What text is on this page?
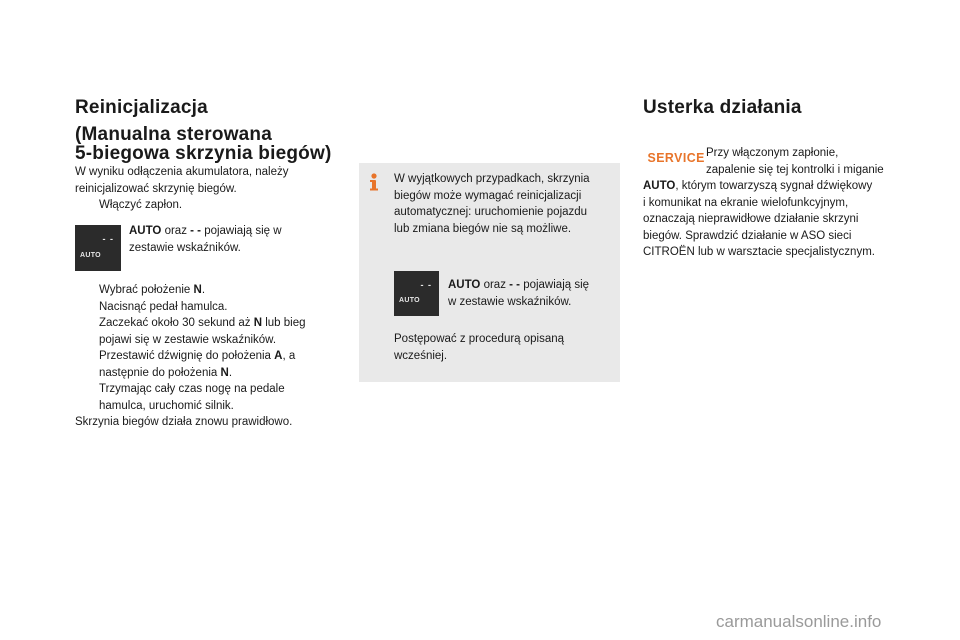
Reinicjalizacja
(Manualna sterowana
5-biegowa skrzynia biegów)
W wyniku odłączenia akumulatora, należy
reinicjalizować skrzynię biegów.
Włączyć zapłon.
- -
AUTO
AUTO oraz - - pojawiają się w
zestawie wskaźników.
Wybrać położenie N.
Nacisnąć pedał hamulca.
Zaczekać około 30 sekund aż N lub bieg
pojawi się w zestawie wskaźników.
Przestawić dźwignię do położenia A, a
następnie do położenia N.
Trzymając cały czas nogę na pedale
hamulca, uruchomić silnik.
Skrzynia biegów działa znowu prawidłowo.
W wyjątkowych przypadkach, skrzynia
biegów może wymagać reinicjalizacji
automatycznej: uruchomienie pojazdu
lub zmiana biegów nie są możliwe.
- -
AUTO
AUTO oraz - - pojawiają się
w zestawie wskaźników.
Postępować z procedurą opisaną
wcześniej.
Usterka działania
SERVICE Przy włączonym zapłonie,
zapalenie się tej kontrolki i miganie
AUTO, którym towarzyszą sygnał dźwiękowy
i komunikat na ekranie wielofunkcyjnym,
oznaczają nieprawidłowe działanie skrzyni
biegów. Sprawdzić działanie w ASO sieci
CITROËN lub w warsztacie specjalistycznym.
carmanualsonline.info
